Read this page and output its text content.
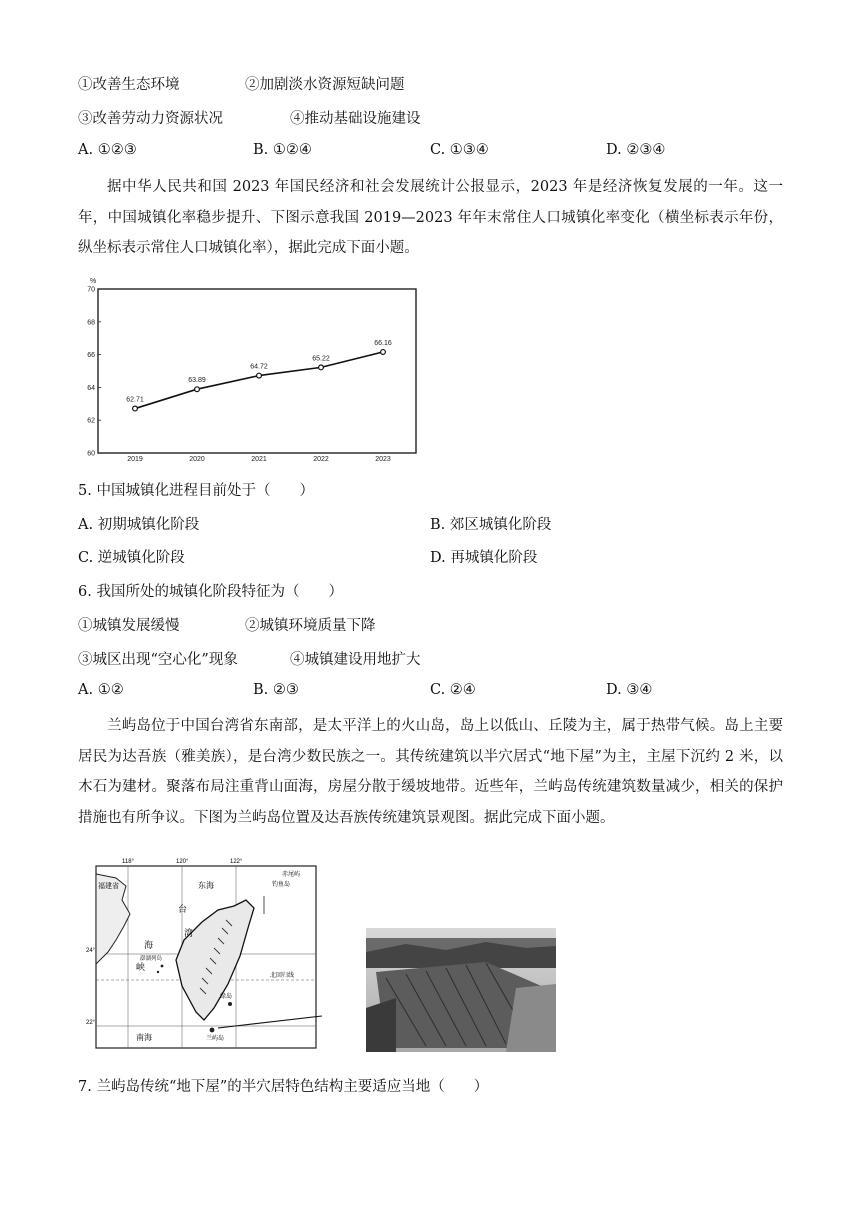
①改善生态环境	②加剧淡水资源短缺问题
③改善劳动力资源状况	④推动基础设施建设
A. ①②③	B. ①②④	C. ①③④	D. ②③④
据中华人民共和国 2023 年国民经济和社会发展统计公报显示，2023 年是经济恢复发展的一年。这一年，中国城镇化率稳步提升、下图示意我国 2019—2023 年年末常住人口城镇化率变化（横坐标表示年份，纵坐标表示常住人口城镇化率），据此完成下面小题。
%
60
62
64
66
68
70
2019	2020	2021	2022	2023
62.71
63.89
64.72
65.22
66.16
5. 中国城镇化进程目前处于（　　）
A. 初期城镇化阶段	B. 郊区城镇化阶段
C. 逆城镇化阶段	D. 再城镇化阶段
6. 我国所处的城镇化阶段特征为（　　）
①城镇发展缓慢	②城镇环境质量下降
③城区出现“空心化”现象	④城镇建设用地扩大
A. ①②	B. ②③	C. ②④	D. ③④
兰屿岛位于中国台湾省东南部，是太平洋上的火山岛，岛上以低山、丘陵为主，属于热带气候。岛上主要居民为达吾族（雅美族），是台湾少数民族之一。其传统建筑以半穴居式“地下屋”为主，主屋下沉约 2 米，以木石为建材。聚落布局注重背山面海，房屋分散于缓坡地带。近些年，兰屿岛传统建筑数量减少，相关的保护措施也有所争议。下图为兰屿岛位置及达吾族传统建筑景观图。据此完成下面小题。
118°	120°	122°
24°
22°
福建省	东海
台
湾
海
峡
钓鱼岛
赤尾屿
澎湖列岛
北回归线
绿岛
南海	兰屿岛
7. 兰屿岛传统“地下屋”的半穴居特色结构主要适应当地（　　）
